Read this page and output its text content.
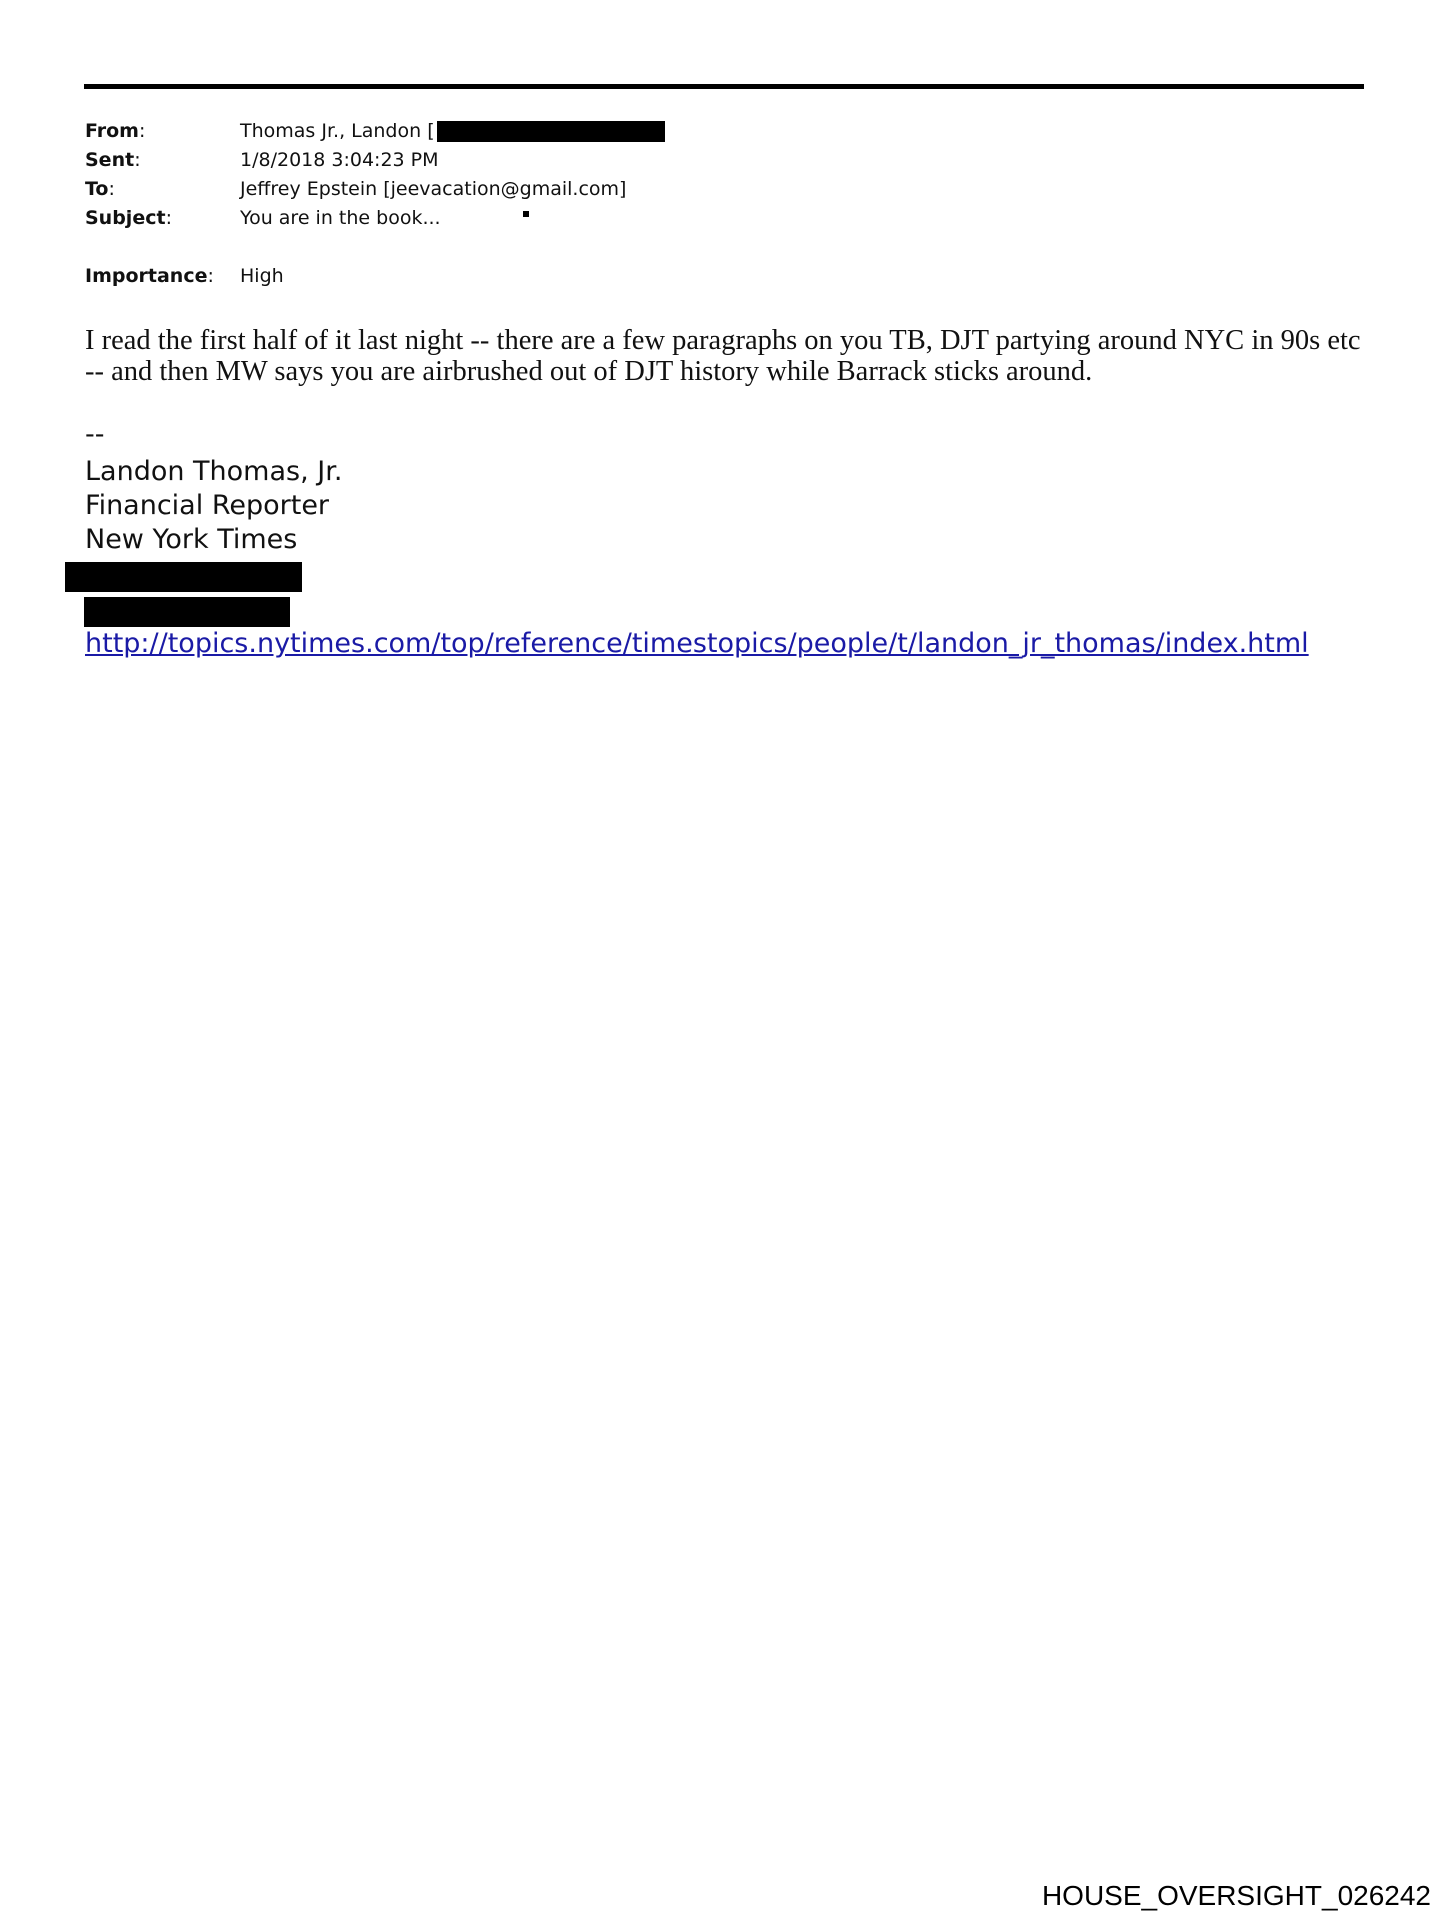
From:	Thomas Jr., Landon [
Sent:	1/8/2018 3:04:23 PM
To:	Jeffrey Epstein [jeevacation@gmail.com]
Subject:	You are in the book...
Importance: High

I read the first half of it last night -- there are a few paragraphs on you TB, DJT partying around NYC in 90s etc -- and then MW says you are airbrushed out of DJT history while Barrack sticks around.

--
Landon Thomas, Jr.
Financial Reporter
New York Times
http://topics.nytimes.com/top/reference/timestopics/people/t/landon_jr_thomas/index.html
HOUSE_OVERSIGHT_026242
